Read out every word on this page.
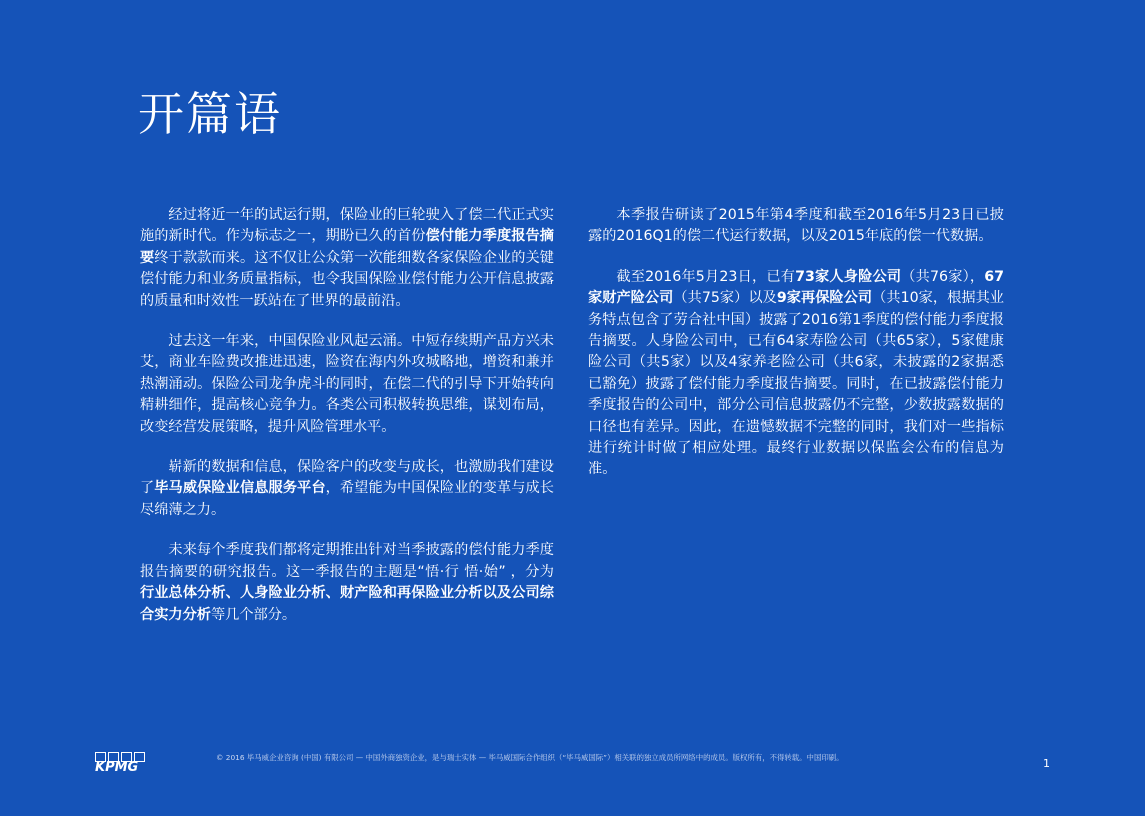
开篇语

经过将近一年的试运行期，保险业的巨轮驶入了偿二代正式实施的新时代。作为标志之一，期盼已久的首份偿付能力季度报告摘要终于款款而来。这不仅让公众第一次能细数各家保险企业的关键偿付能力和业务质量指标，也令我国保险业偿付能力公开信息披露的质量和时效性一跃站在了世界的最前沿。

过去这一年来，中国保险业风起云涌。中短存续期产品方兴未艾，商业车险费改推进迅速，险资在海内外攻城略地，增资和兼并热潮涌动。保险公司龙争虎斗的同时，在偿二代的引导下开始转向精耕细作，提高核心竞争力。各类公司积极转换思维，谋划布局，改变经营发展策略，提升风险管理水平。

崭新的数据和信息，保险客户的改变与成长，也激励我们建设了毕马威保险业信息服务平台，希望能为中国保险业的变革与成长尽绵薄之力。

未来每个季度我们都将定期推出针对当季披露的偿付能力季度报告摘要的研究报告。这一季报告的主题是“悟·行 悟·始” ，分为行业总体分析、人身险业分析、财产险和再保险业分析以及公司综合实力分析等几个部分。

本季报告研读了2015年第4季度和截至2016年5月23日已披露的2016Q1的偿二代运行数据，以及2015年底的偿一代数据。

截至2016年5月23日，已有73家人身险公司（共76家），67家财产险公司（共75家）以及9家再保险公司（共10家，根据其业务特点包含了劳合社中国）披露了2016第1季度的偿付能力季度报告摘要。人身险公司中，已有64家寿险公司（共65家），5家健康险公司（共5家）以及4家养老险公司（共6家，未披露的2家据悉已豁免）披露了偿付能力季度报告摘要。同时，在已披露偿付能力季度报告的公司中，部分公司信息披露仍不完整，少数披露数据的口径也有差异。因此，在遗憾数据不完整的同时，我们对一些指标进行统计时做了相应处理。最终行业数据以保监会公布的信息为准。

KPMG
© 2016 毕马威企业咨询 (中国) 有限公司 — 中国外商独资企业，是与瑞士实体 — 毕马威国际合作组织（“毕马威国际”）相关联的独立成员所网络中的成员。版权所有，不得转载。中国印刷。	1
